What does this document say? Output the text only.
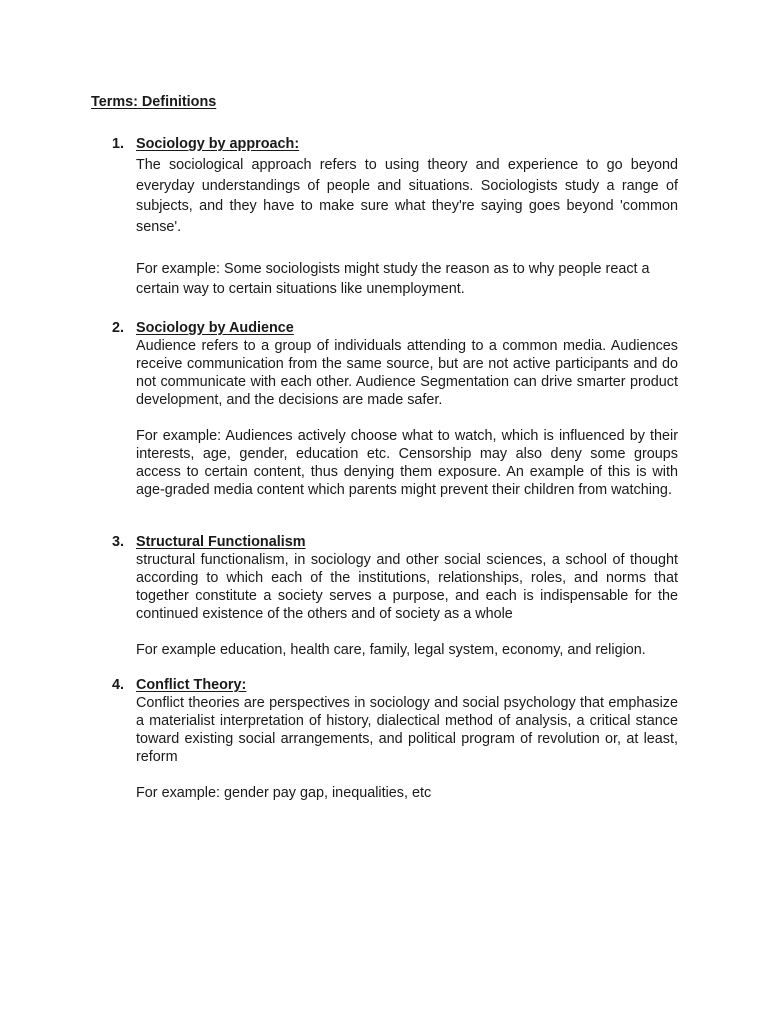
Terms: Definitions
1. Sociology by approach:

The sociological approach refers to using theory and experience to go beyond everyday understandings of people and situations. Sociologists study a range of subjects, and they have to make sure what they're saying goes beyond 'common sense'.

For example: Some sociologists might study the reason as to why people react a certain way to certain situations like unemployment.

2. Sociology by Audience

Audience refers to a group of individuals attending to a common media. Audiences receive communication from the same source, but are not active participants and do not communicate with each other. Audience Segmentation can drive smarter product development, and the decisions are made safer.

For example: Audiences actively choose what to watch, which is influenced by their interests, age, gender, education etc. Censorship may also deny some groups access to certain content, thus denying them exposure. An example of this is with age-graded media content which parents might prevent their children from watching.

3. Structural Functionalism

structural functionalism, in sociology and other social sciences, a school of thought according to which each of the institutions, relationships, roles, and norms that together constitute a society serves a purpose, and each is indispensable for the continued existence of the others and of society as a whole

For example education, health care, family, legal system, economy, and religion.

4. Conflict Theory:

Conflict theories are perspectives in sociology and social psychology that emphasize a materialist interpretation of history, dialectical method of analysis, a critical stance toward existing social arrangements, and political program of revolution or, at least, reform

For example: gender pay gap, inequalities, etc
